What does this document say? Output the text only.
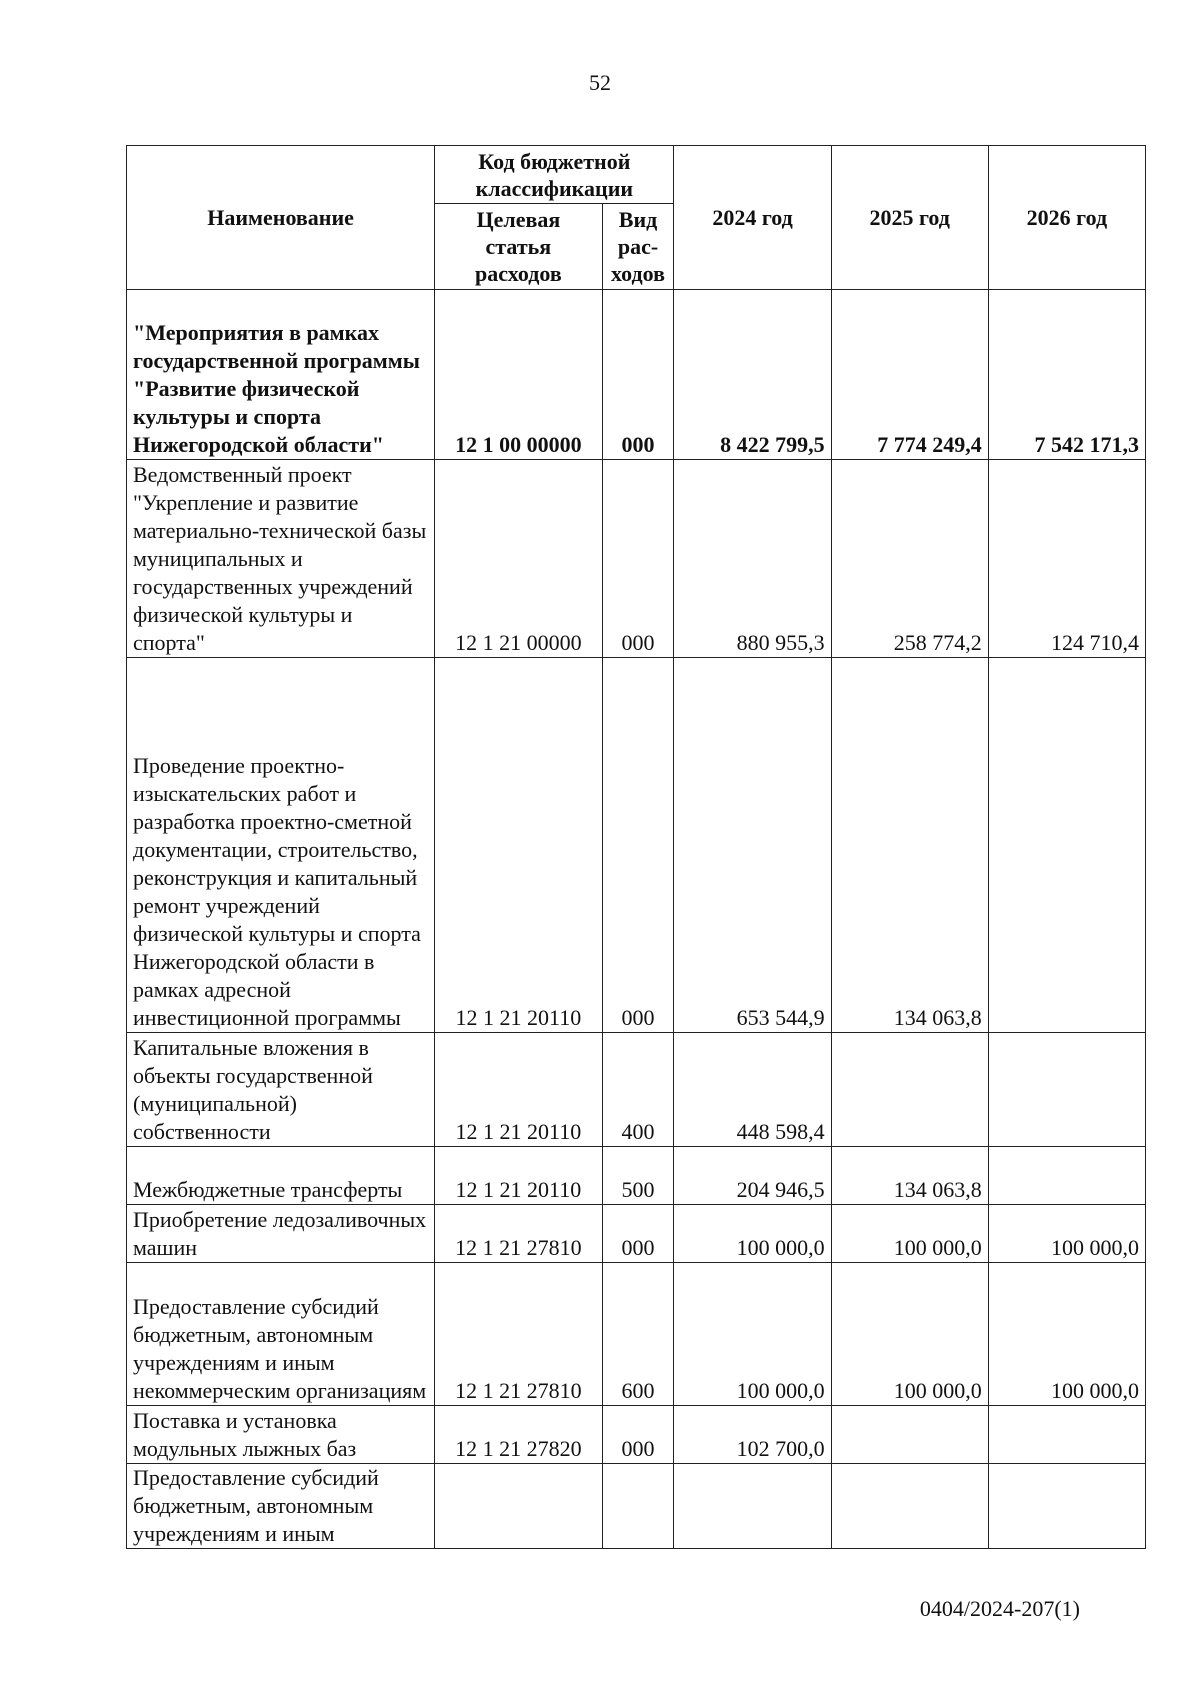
52
Наименование	Код бюджетной классификации		2024 год	2025 год	2026 год
	Целевая статья расходов	Вид рас-ходов			
"Мероприятия в рамках государственной программы "Развитие физической культуры и спорта Нижегородской области"	12 1 00 00000	000	8 422 799,5	7 774 249,4	7 542 171,3
Ведомственный проект "Укрепление и развитие материально-технической базы муниципальных и государственных учреждений физической культуры и спорта"	12 1 21 00000	000	880 955,3	258 774,2	124 710,4
Проведение проектно-изыскательских работ и разработка проектно-сметной документации, строительство, реконструкция и капитальный ремонт учреждений физической культуры и спорта Нижегородской области в рамках адресной инвестиционной программы	12 1 21 20110	000	653 544,9	134 063,8	
Капитальные вложения в объекты государственной (муниципальной) собственности	12 1 21 20110	400	448 598,4		
Межбюджетные трансферты	12 1 21 20110	500	204 946,5	134 063,8	
Приобретение ледозаливочных машин	12 1 21 27810	000	100 000,0	100 000,0	100 000,0
Предоставление субсидий бюджетным, автономным учреждениям и иным некоммерческим организациям	12 1 21 27810	600	100 000,0	100 000,0	100 000,0
Поставка и установка модульных лыжных баз	12 1 21 27820	000	102 700,0		
Предоставление субсидий бюджетным, автономным учреждениям и иным					
0404/2024-207(1)
